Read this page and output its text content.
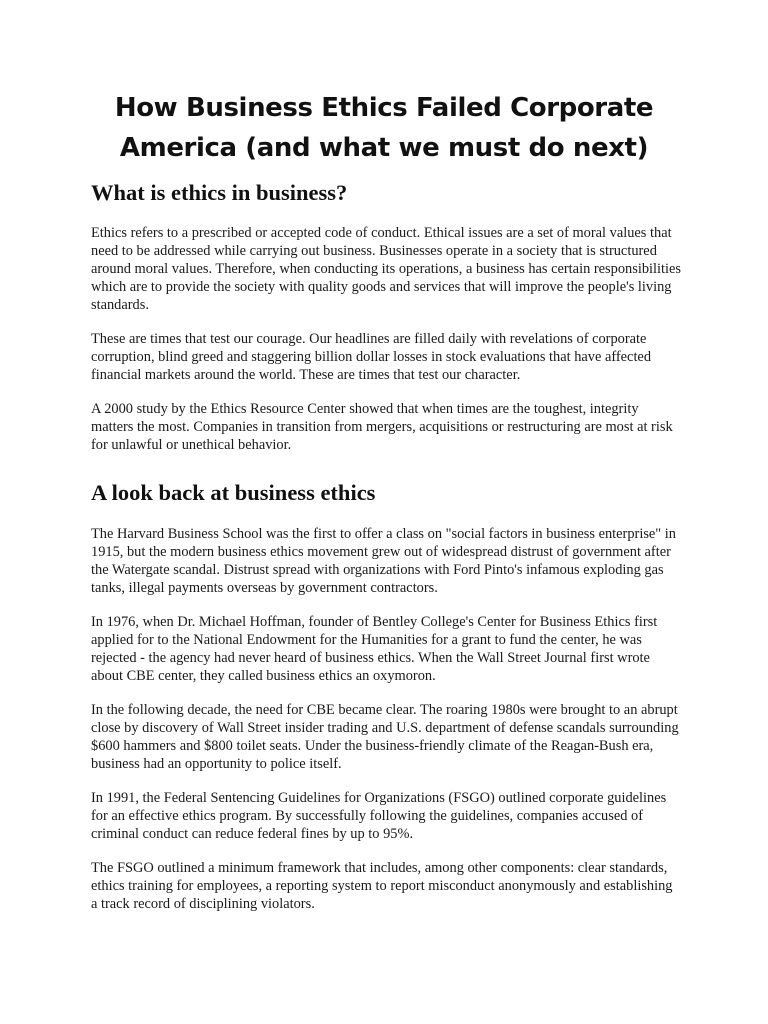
How Business Ethics Failed Corporate America (and what we must do next)
What is ethics in business?

Ethics refers to a prescribed or accepted code of conduct. Ethical issues are a set of moral values that need to be addressed while carrying out business. Businesses operate in a society that is structured around moral values. Therefore, when conducting its operations, a business has certain responsibilities which are to provide the society with quality goods and services that will improve the people's living standards.

These are times that test our courage. Our headlines are filled daily with revelations of corporate corruption, blind greed and staggering billion dollar losses in stock evaluations that have affected financial markets around the world. These are times that test our character.

A 2000 study by the Ethics Resource Center showed that when times are the toughest, integrity matters the most. Companies in transition from mergers, acquisitions or restructuring are most at risk for unlawful or unethical behavior.

A look back at business ethics

The Harvard Business School was the first to offer a class on "social factors in business enterprise" in 1915, but the modern business ethics movement grew out of widespread distrust of government after the Watergate scandal. Distrust spread with organizations with Ford Pinto's infamous exploding gas tanks, illegal payments overseas by government contractors.

In 1976, when Dr. Michael Hoffman, founder of Bentley College's Center for Business Ethics first applied for to the National Endowment for the Humanities for a grant to fund the center, he was rejected - the agency had never heard of business ethics. When the Wall Street Journal first wrote about CBE center, they called business ethics an oxymoron.

In the following decade, the need for CBE became clear. The roaring 1980s were brought to an abrupt close by discovery of Wall Street insider trading and U.S. department of defense scandals surrounding $600 hammers and $800 toilet seats. Under the business-friendly climate of the Reagan-Bush era, business had an opportunity to police itself.

In 1991, the Federal Sentencing Guidelines for Organizations (FSGO) outlined corporate guidelines for an effective ethics program. By successfully following the guidelines, companies accused of criminal conduct can reduce federal fines by up to 95%.

The FSGO outlined a minimum framework that includes, among other components: clear standards, ethics training for employees, a reporting system to report misconduct anonymously and establishing a track record of disciplining violators.
